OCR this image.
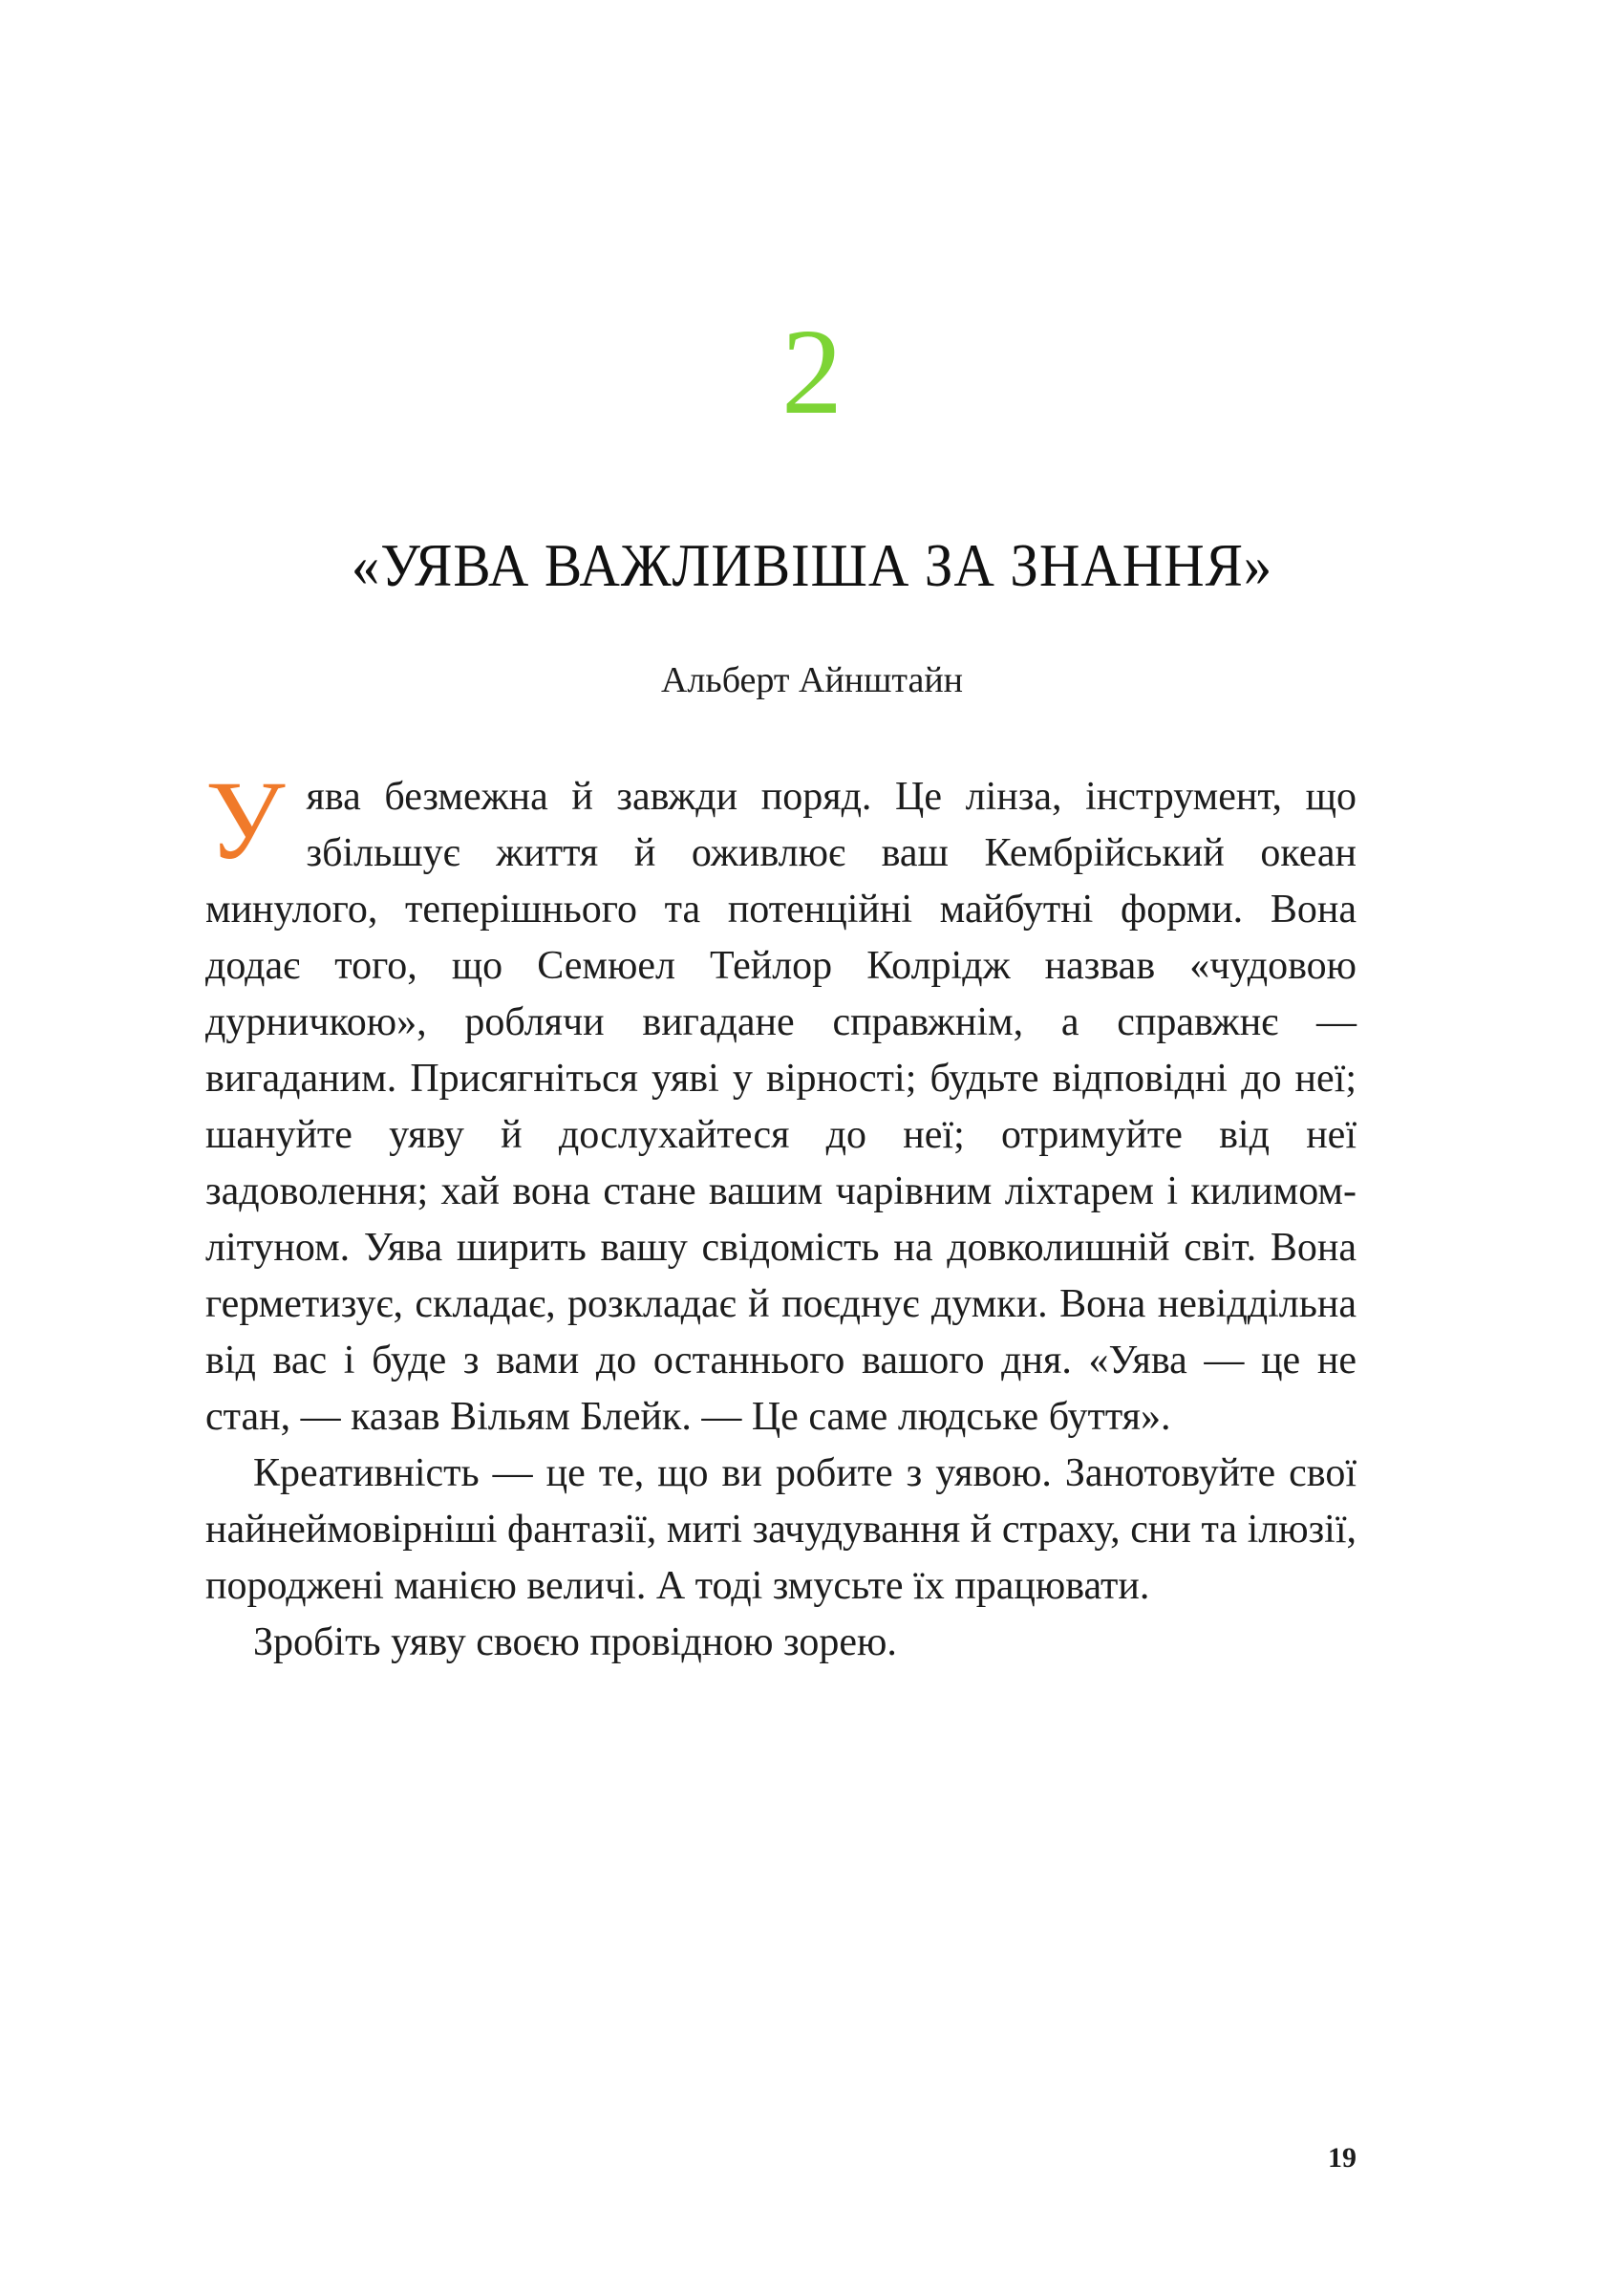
2
«УЯВА ВАЖЛИВІША ЗА ЗНАННЯ»
Альберт Айнштайн

Уява безмежна й завжди поряд. Це лінза, інструмент, що збільшує життя й оживлює ваш Кембрійський океан минулого, теперішнього та потенційні майбутні форми. Вона додає того, що Семюел Тейлор Колрідж назвав «чудовою дурничкою», роблячи вигадане справжнім, а справжнє — вигаданим. Присягніться уяві у вірності; будьте відповідні до неї; шануйте уяву й дослухайтеся до неї; отримуйте від неї задоволення; хай вона стане вашим чарівним ліхтарем і килимом-літуном. Уява ширить вашу свідомість на довколишній світ. Вона герметизує, складає, розкладає й поєднує думки. Вона невіддільна від вас і буде з вами до останнього вашого дня. «Уява — це не стан, — казав Вільям Блейк. — Це саме людське буття».

Креативність — це те, що ви робите з уявою. Занотовуйте свої найнеймовірніші фантазії, миті зачудування й страху, сни та ілюзії, породжені манією величі. А тоді змусьте їх працювати.

Зробіть уяву своєю провідною зорею.

19
